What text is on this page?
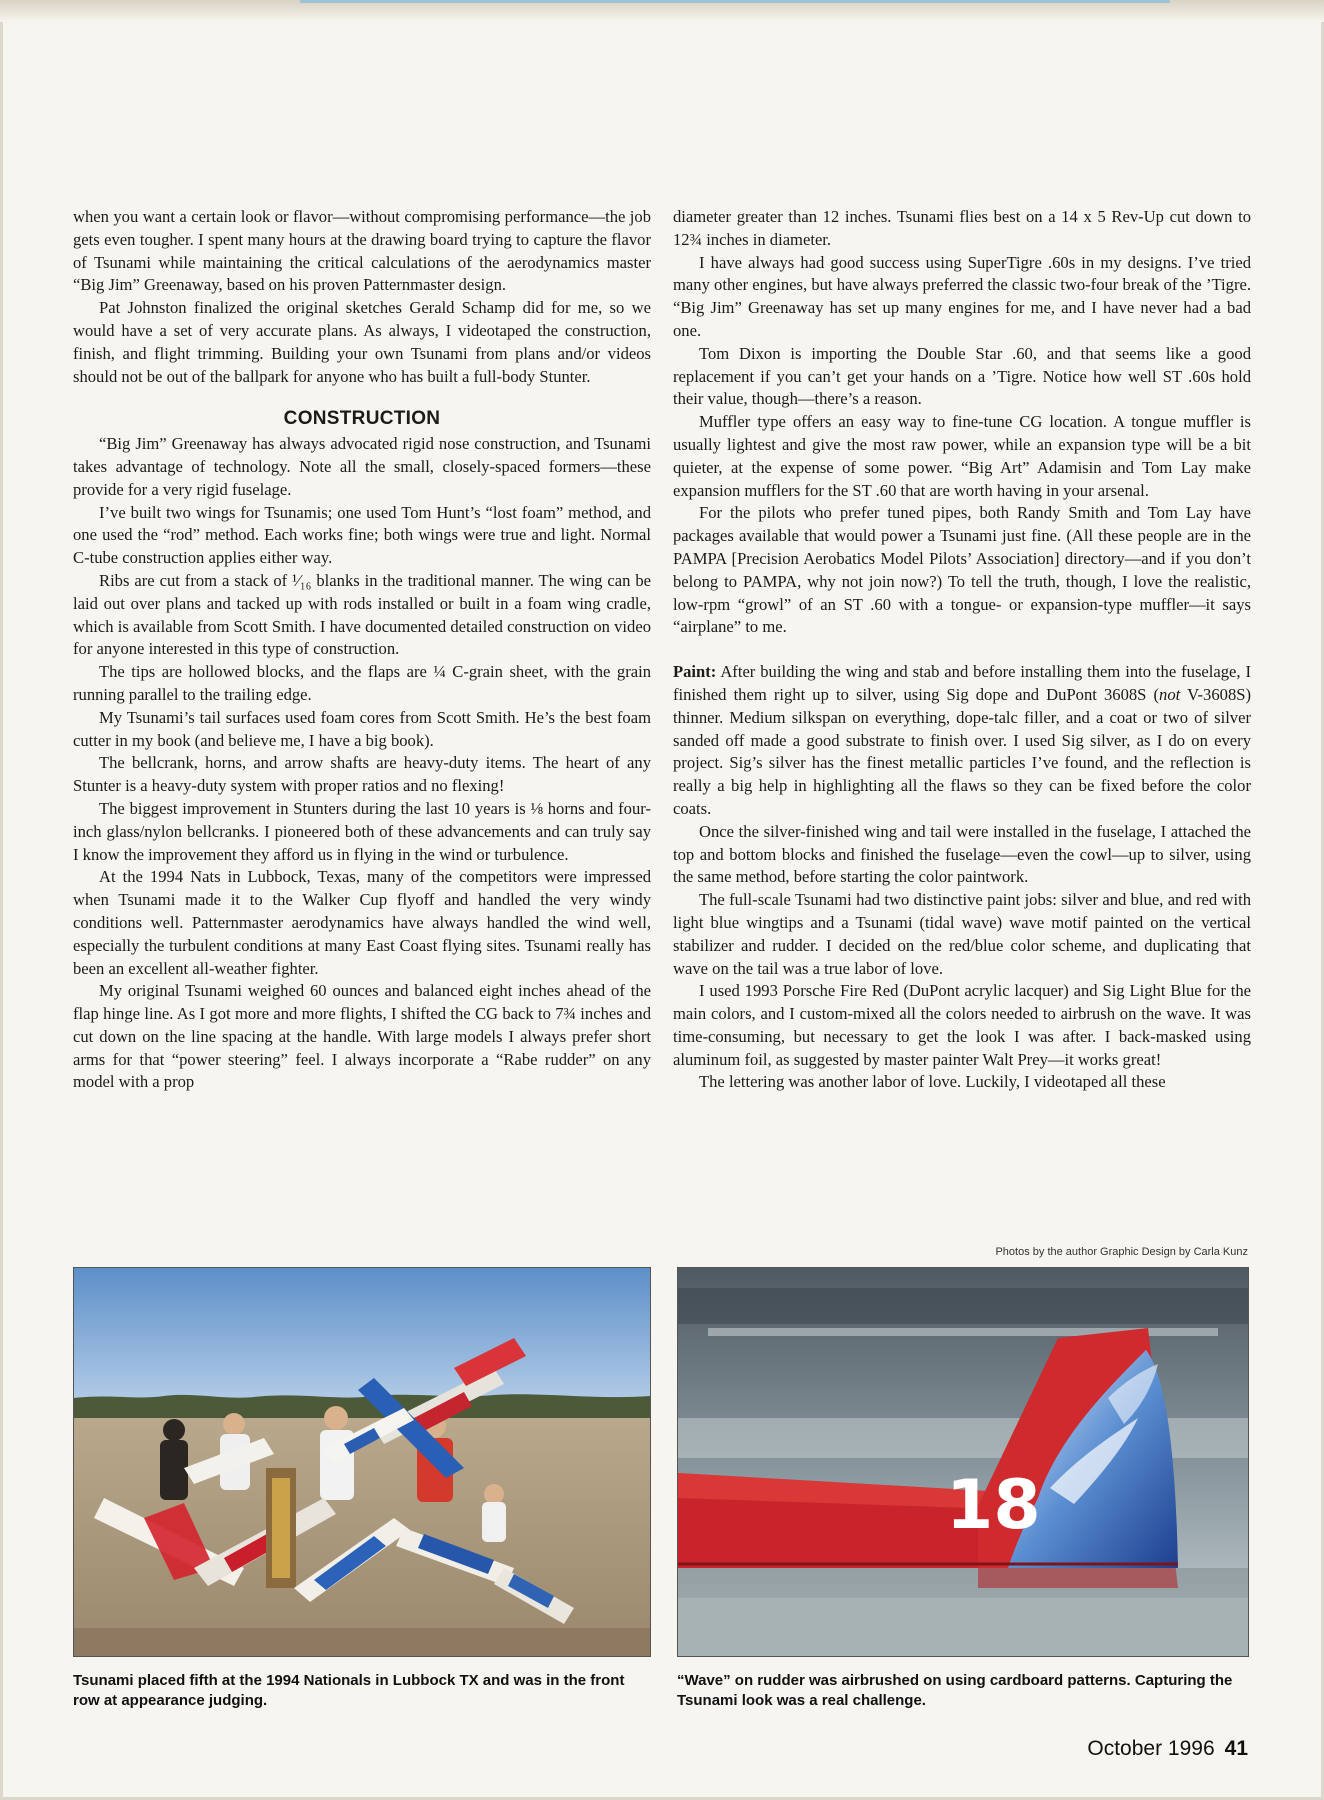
when you want a certain look or flavor—without compromising performance—the job gets even tougher. I spent many hours at the drawing board trying to capture the flavor of Tsunami while maintaining the critical calculations of the aerodynamics master “Big Jim” Greenaway, based on his proven Patternmaster design.

Pat Johnston finalized the original sketches Gerald Schamp did for me, so we would have a set of very accurate plans. As always, I videotaped the construction, finish, and flight trimming. Building your own Tsunami from plans and/or videos should not be out of the ballpark for anyone who has built a full-body Stunter.

CONSTRUCTION

“Big Jim” Greenaway has always advocated rigid nose construction, and Tsunami takes advantage of technology. Note all the small, closely-spaced formers—these provide for a very rigid fuselage.

I’ve built two wings for Tsunamis; one used Tom Hunt’s “lost foam” method, and one used the “rod” method. Each works fine; both wings were true and light. Normal C-tube construction applies either way.

Ribs are cut from a stack of ¹⁄₁₆ blanks in the traditional manner. The wing can be laid out over plans and tacked up with rods installed or built in a foam wing cradle, which is available from Scott Smith. I have documented detailed construction on video for anyone interested in this type of construction.

The tips are hollowed blocks, and the flaps are ¼ C-grain sheet, with the grain running parallel to the trailing edge.

My Tsunami’s tail surfaces used foam cores from Scott Smith. He’s the best foam cutter in my book (and believe me, I have a big book).

The bellcrank, horns, and arrow shafts are heavy-duty items. The heart of any Stunter is a heavy-duty system with proper ratios and no flexing!

The biggest improvement in Stunters during the last 10 years is ⅛ horns and four-inch glass/nylon bellcranks. I pioneered both of these advancements and can truly say I know the improvement they afford us in flying in the wind or turbulence.

At the 1994 Nats in Lubbock, Texas, many of the competitors were impressed when Tsunami made it to the Walker Cup flyoff and handled the very windy conditions well. Patternmaster aerodynamics have always handled the wind well, especially the turbulent conditions at many East Coast flying sites. Tsunami really has been an excellent all-weather fighter.

My original Tsunami weighed 60 ounces and balanced eight inches ahead of the flap hinge line. As I got more and more flights, I shifted the CG back to 7¾ inches and cut down on the line spacing at the handle. With large models I always prefer short arms for that “power steering” feel. I always incorporate a “Rabe rudder” on any model with a prop

diameter greater than 12 inches. Tsunami flies best on a 14 x 5 Rev-Up cut down to 12¾ inches in diameter.

I have always had good success using SuperTigre .60s in my designs. I’ve tried many other engines, but have always preferred the classic two-four break of the ’Tigre. “Big Jim” Greenaway has set up many engines for me, and I have never had a bad one.

Tom Dixon is importing the Double Star .60, and that seems like a good replacement if you can’t get your hands on a ’Tigre. Notice how well ST .60s hold their value, though—there’s a reason.

Muffler type offers an easy way to fine-tune CG location. A tongue muffler is usually lightest and give the most raw power, while an expansion type will be a bit quieter, at the expense of some power. “Big Art” Adamisin and Tom Lay make expansion mufflers for the ST .60 that are worth having in your arsenal.

For the pilots who prefer tuned pipes, both Randy Smith and Tom Lay have packages available that would power a Tsunami just fine. (All these people are in the PAMPA [Precision Aerobatics Model Pilots’ Association] directory—and if you don’t belong to PAMPA, why not join now?) To tell the truth, though, I love the realistic, low-rpm “growl” of an ST .60 with a tongue- or expansion-type muffler—it says “airplane” to me.

Paint: After building the wing and stab and before installing them into the fuselage, I finished them right up to silver, using Sig dope and DuPont 3608S (not V-3608S) thinner. Medium silkspan on everything, dope-talc filler, and a coat or two of silver sanded off made a good substrate to finish over. I used Sig silver, as I do on every project. Sig’s silver has the finest metallic particles I’ve found, and the reflection is really a big help in highlighting all the flaws so they can be fixed before the color coats.

Once the silver-finished wing and tail were installed in the fuselage, I attached the top and bottom blocks and finished the fuselage—even the cowl—up to silver, using the same method, before starting the color paintwork.

The full-scale Tsunami had two distinctive paint jobs: silver and blue, and red with light blue wingtips and a Tsunami (tidal wave) wave motif painted on the vertical stabilizer and rudder. I decided on the red/blue color scheme, and duplicating that wave on the tail was a true labor of love.

I used 1993 Porsche Fire Red (DuPont acrylic lacquer) and Sig Light Blue for the main colors, and I custom-mixed all the colors needed to airbrush on the wave. It was time-consuming, but necessary to get the look I was after. I back-masked using aluminum foil, as suggested by master painter Walt Prey—it works great!

The lettering was another labor of love. Luckily, I videotaped all these

Photos by the author Graphic Design by Carla Kunz
18
Tsunami placed fifth at the 1994 Nationals in Lubbock TX and was in the front row at appearance judging.
“Wave” on rudder was airbrushed on using cardboard patterns. Capturing the Tsunami look was a real challenge.
October 1996 41
